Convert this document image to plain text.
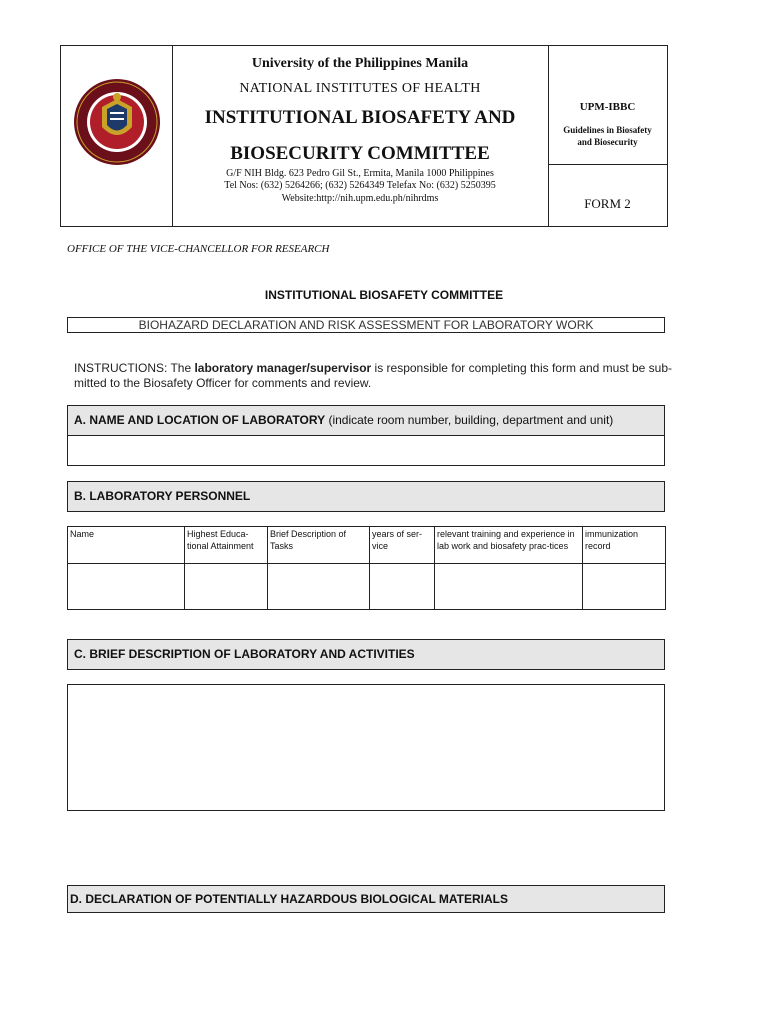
University of the Philippines Manila
NATIONAL INSTITUTES OF HEALTH
INSTITUTIONAL BIOSAFETY AND
BIOSECURITY COMMITTEE
G/F NIH Bldg. 623 Pedro Gil St., Ermita, Manila 1000 Philippines
Tel Nos: (632) 5264266; (632) 5264349 Telefax No: (632) 5250395
Website:http://nih.upm.edu.ph/nihrdms
UPM-IBBC
Guidelines in Biosafety
and Biosecurity
FORM 2
OFFICE OF THE VICE-CHANCELLOR FOR RESEARCH
INSTITUTIONAL BIOSAFETY COMMITTEE
BIOHAZARD DECLARATION AND RISK ASSESSMENT FOR LABORATORY WORK
INSTRUCTIONS: The laboratory manager/supervisor is responsible for completing this form and must be sub-mitted to the Biosafety Officer for comments and review.
A. NAME AND LOCATION OF LABORATORY (indicate room number, building, department and unit)
B. LABORATORY PERSONNEL
Name	Highest Educa-tional Attainment	Brief Description of Tasks	years of ser-vice	relevant training and experience in lab work and biosafety prac-tices	immunization record

C. BRIEF DESCRIPTION OF LABORATORY AND ACTIVITIES
D. DECLARATION OF POTENTIALLY HAZARDOUS BIOLOGICAL MATERIALS
